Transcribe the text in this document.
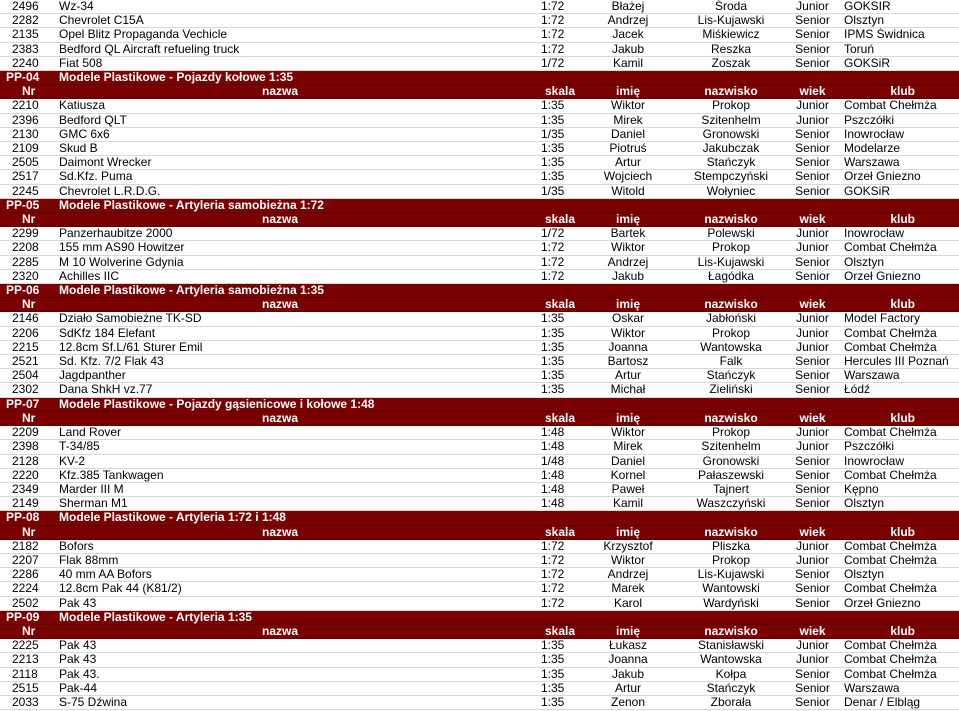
2496	Wz-34	1:72	Błażej	Środa	Junior	GOKSIR
2282	Chevrolet C15A	1:72	Andrzej	Lis-Kujawski	Senior	Olsztyn
2135	Opel Blitz Propaganda Vechicle	1:72	Jacek	Miśkiewicz	Senior	IPMS Świdnica
2383	Bedford QL Aircraft refueling truck	1:72	Jakub	Reszka	Senior	Toruń
2240	Fiat 508	1/72	Kamil	Zoszak	Senior	GOKSiR
PP-04	Modele Plastikowe - Pojazdy kołowe 1:35					
Nr	nazwa	skala	imię	nazwisko	wiek	klub
2210	Katiusza	1:35	Wiktor	Prokop	Junior	Combat Chełmża
2396	Bedford QLT	1:35	Mirek	Szitenhelm	Junior	Pszczółki
2130	GMC 6x6	1/35	Daniel	Gronowski	Senior	Inowrocław
2109	Skud B	1:35	Piotruś	Jakubczak	Senior	Modelarze
2505	Daimont Wrecker	1:35	Artur	Stańczyk	Senior	Warszawa
2517	Sd.Kfz. Puma	1:35	Wojciech	Stempczyński	Senior	Orzeł Gniezno
2245	Chevrolet L.R.D.G.	1/35	Witold	Wołyniec	Senior	GOKSiR
PP-05	Modele Plastikowe - Artyleria samobieżna 1:72					
Nr	nazwa	skala	imię	nazwisko	wiek	klub
2299	Panzerhaubitze 2000	1/72	Bartek	Polewski	Junior	Inowrocław
2208	155 mm AS90 Howitzer	1:72	Wiktor	Prokop	Junior	Combat Chełmża
2285	M 10 Wolverine Gdynia	1:72	Andrzej	Lis-Kujawski	Senior	Olsztyn
2320	Achilles IIC	1:72	Jakub	Łagódka	Senior	Orzeł Gniezno
PP-06	Modele Plastikowe - Artyleria samobieżna 1:35					
Nr	nazwa	skala	imię	nazwisko	wiek	klub
2146	Działo Samobieżne TK-SD	1:35	Oskar	Jabłoński	Junior	Model Factory
2206	SdKfz 184 Elefant	1:35	Wiktor	Prokop	Junior	Combat Chełmża
2215	12.8cm Sf.L/61 Sturer Emil	1:35	Joanna	Wantowska	Junior	Combat Chełmża
2521	Sd. Kfz. 7/2 Flak 43	1:35	Bartosz	Falk	Senior	Hercules III Poznań
2504	Jagdpanther	1:35	Artur	Stańczyk	Senior	Warszawa
2302	Dana ShkH vz.77	1:35	Michał	Zieliński	Senior	Łódź
PP-07	Modele Plastikowe - Pojazdy gąsienicowe i kołowe 1:48					
Nr	nazwa	skala	imię	nazwisko	wiek	klub
2209	Land Rover	1:48	Wiktor	Prokop	Junior	Combat Chełmża
2398	T-34/85	1:48	Mirek	Szitenhelm	Junior	Pszczółki
2128	KV-2	1/48	Daniel	Gronowski	Senior	Inowrocław
2220	Kfz.385 Tankwagen	1:48	Kornel	Pałaszewski	Senior	Combat Chełmża
2349	Marder III M	1:48	Paweł	Tajnert	Senior	Kępno
2149	Sherman M1	1:48	Kamil	Waszczyński	Senior	Olsztyn
PP-08	Modele Plastikowe - Artyleria 1:72 i 1:48					
Nr	nazwa	skala	imię	nazwisko	wiek	klub
2182	Bofors	1:72	Krzysztof	Pliszka	Junior	Combat Chełmża
2207	Flak 88mm	1:72	Wiktor	Prokop	Junior	Combat Chełmża
2286	40 mm AA Bofors	1:72	Andrzej	Lis-Kujawski	Senior	Olsztyn
2224	12.8cm Pak 44 (K81/2)	1:72	Marek	Wantowski	Senior	Combat Chełmża
2502	Pak 43	1:72	Karol	Wardyński	Senior	Orzeł Gniezno
PP-09	Modele Plastikowe - Artyleria 1:35					
Nr	nazwa	skala	imię	nazwisko	wiek	klub
2225	Pak 43	1:35	Łukasz	Stanisławski	Junior	Combat Chełmża
2213	Pak 43	1:35	Joanna	Wantowska	Junior	Combat Chełmża
2118	Pak 43.	1:35	Jakub	Kołpa	Senior	Combat Chełmża
2515	Pak-44	1:35	Artur	Stańczyk	Senior	Warszawa
2033	S-75 Dźwina	1:35	Zenon	Zborała	Senior	Denar / Elbląg
